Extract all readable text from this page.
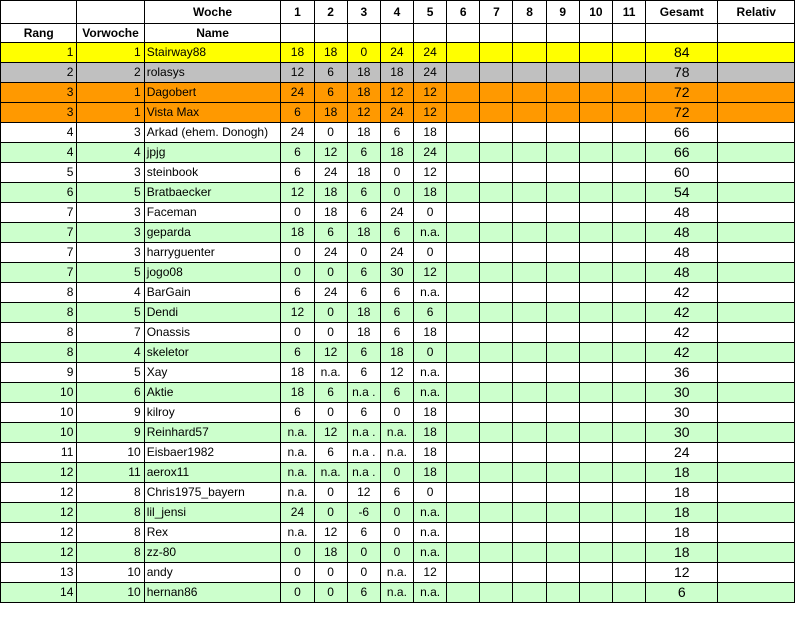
		Woche	1	2	3	4	5	6	7	8	9	10	11	Gesamt	Relativ
Rang	Vorwoche	Name													
1	1	Stairway88	18	18	0	24	24							84	
2	2	rolasys	12	6	18	18	24							78	
3	1	Dagobert	24	6	18	12	12							72	
3	1	Vista Max	6	18	12	24	12							72	
4	3	Arkad (ehem. Donogh)	24	0	18	6	18							66	
4	4	jpjg	6	12	6	18	24							66	
5	3	steinbook	6	24	18	0	12							60	
6	5	Bratbaecker	12	18	6	0	18							54	
7	3	Faceman	0	18	6	24	0							48	
7	3	geparda	18	6	18	6	n.a.							48	
7	3	harryguenter	0	24	0	24	0							48	
7	5	jogo08	0	0	6	30	12							48	
8	4	BarGain	6	24	6	6	n.a.							42	
8	5	Dendi	12	0	18	6	6							42	
8	7	Onassis	0	0	18	6	18							42	
8	4	skeletor	6	12	6	18	0							42	
9	5	Xay	18	n.a.	6	12	n.a.							36	
10	6	Aktie	18	6	n.a .	6	n.a.							30	
10	9	kilroy	6	0	6	0	18							30	
10	9	Reinhard57	n.a.	12	n.a .	n.a.	18							30	
11	10	Eisbaer1982	n.a.	6	n.a .	n.a.	18							24	
12	11	aerox11	n.a.	n.a.	n.a .	0	18							18	
12	8	Chris1975_bayern	n.a.	0	12	6	0							18	
12	8	lil_jensi	24	0	-6	0	n.a.							18	
12	8	Rex	n.a.	12	6	0	n.a.							18	
12	8	zz-80	0	18	0	0	n.a.							18	
13	10	andy	0	0	0	n.a.	12							12	
14	10	hernan86	0	0	6	n.a.	n.a.							6	
